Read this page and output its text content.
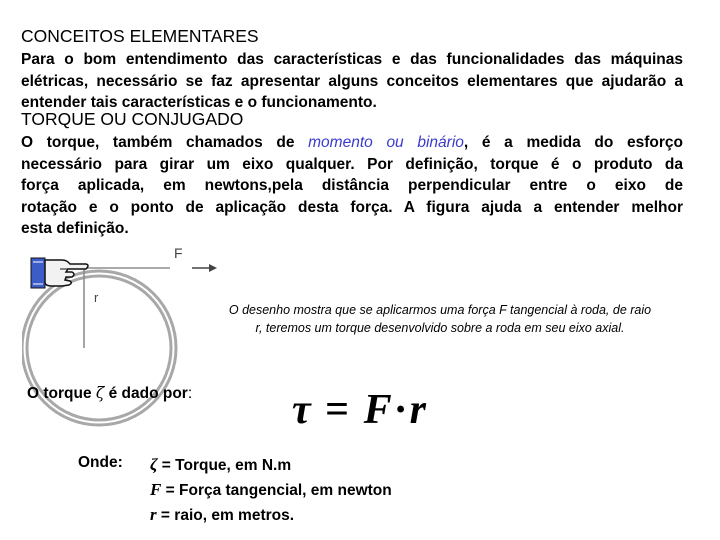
CONCEITOS ELEMENTARES
Para o bom entendimento das características e das funcionalidades das máquinas elétricas, necessário se faz apresentar alguns conceitos elementares que ajudarão a entender tais características e o funcionamento.
TORQUE OU CONJUGADO
O torque, também chamados de momento ou binário, é a medida do esforço
necessário para girar um eixo qualquer. Por definição, torque é o produto da
força aplicada, em newtons,pela distância perpendicular entre o eixo de
rotação e o ponto de aplicação desta força. A figura ajuda a entender melhor
esta definição.
r
F
O desenho mostra que se aplicarmos uma força F tangencial à roda, de raio
r, teremos um torque desenvolvido sobre a roda em seu eixo axial.
O torque ζ é dado por: τ = F·r
Onde: ζ = Torque, em N.m
F = Força tangencial, em newton
r = raio, em metros.
